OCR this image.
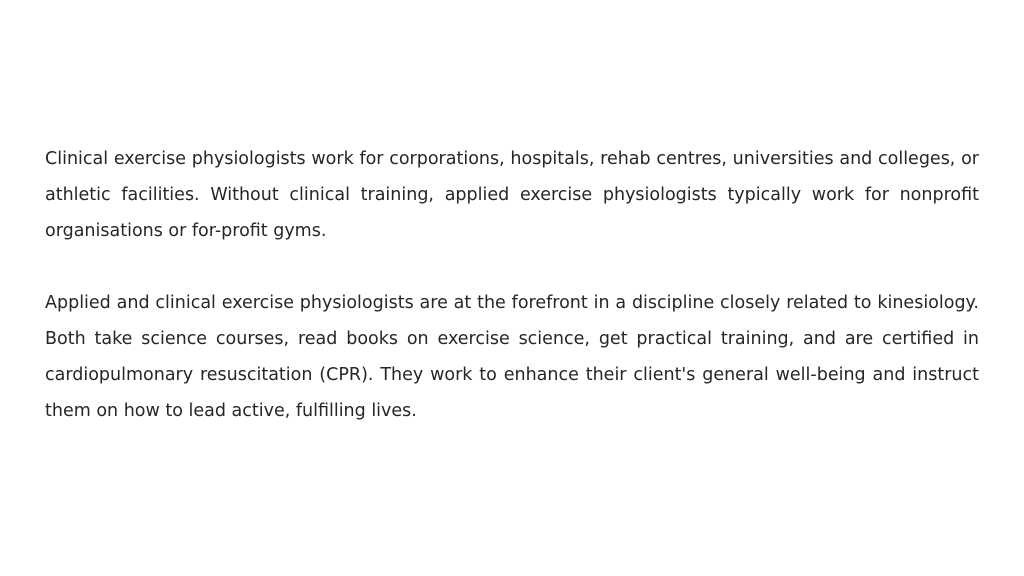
Clinical exercise physiologists work for corporations, hospitals, rehab centres, universities and colleges, or athletic facilities. Without clinical training, applied exercise physiologists typically work for nonprofit organisations or for-profit gyms.

Applied and clinical exercise physiologists are at the forefront in a discipline closely related to kinesiology. Both take science courses, read books on exercise science, get practical training, and are certified in cardiopulmonary resuscitation (CPR). They work to enhance their client's general well-being and instruct them on how to lead active, fulfilling lives.
